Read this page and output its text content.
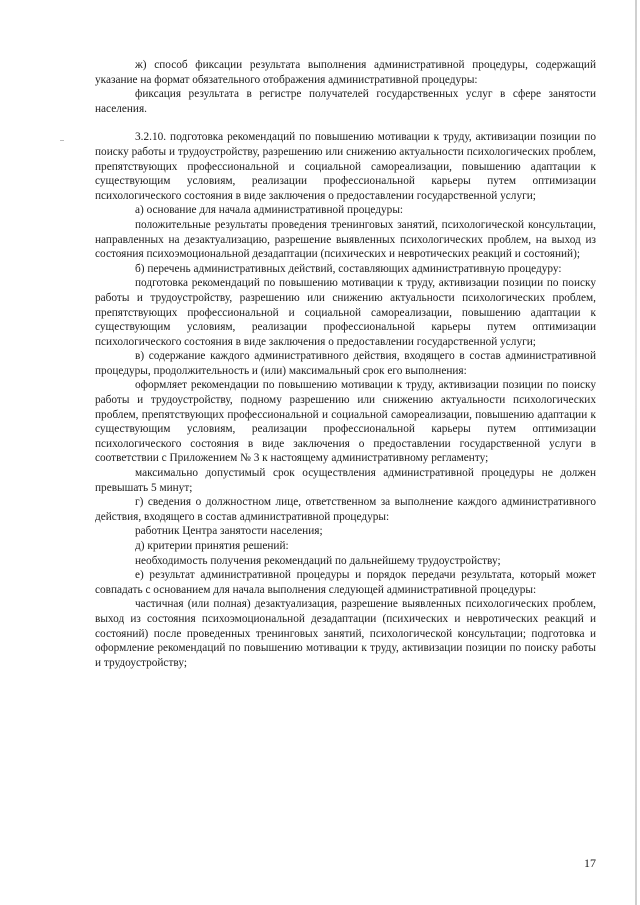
ж) способ фиксации результата выполнения административной процедуры, содержащий указание на формат обязательного отображения административной процедуры:

фиксация результата в регистре получателей государственных услуг в сфере занятости населения.

3.2.10. подготовка рекомендаций по повышению мотивации к труду, активизации позиции по поиску работы и трудоустройству, разрешению или снижению актуальности психологических проблем, препятствующих профессиональной и социальной самореализации, повышению адаптации к существующим условиям, реализации профессиональной карьеры путем оптимизации психологического состояния в виде заключения о предоставлении государственной услуги;

а) основание для начала административной процедуры:

положительные результаты проведения тренинговых занятий, психологической консультации, направленных на дезактуализацию, разрешение выявленных психологических проблем, на выход из состояния психоэмоциональной дезадаптации (психических и невротических реакций и состояний);

б) перечень административных действий, составляющих административную процедуру:

подготовка рекомендаций по повышению мотивации к труду, активизации позиции по поиску работы и трудоустройству, разрешению или снижению актуальности психологических проблем, препятствующих профессиональной и социальной самореализации, повышению адаптации к существующим условиям, реализации профессиональной карьеры путем оптимизации психологического состояния в виде заключения о предоставлении государственной услуги;

в) содержание каждого административного действия, входящего в состав административной процедуры, продолжительность и (или) максимальный срок его выполнения:

оформляет рекомендации по повышению мотивации к труду, активизации позиции по поиску работы и трудоустройству, подному разрешению или снижению актуальности психологических проблем, препятствующих профессиональной и социальной самореализации, повышению адаптации к существующим условиям, реализации профессиональной карьеры путем оптимизации психологического состояния в виде заключения о предоставлении государственной услуги в соответствии с Приложением № 3 к настоящему административному регламенту;

максимально допустимый срок осуществления административной процедуры не должен превышать 5 минут;

г) сведения о должностном лице, ответственном за выполнение каждого административного действия, входящего в состав административной процедуры:

работник Центра занятости населения;

д) критерии принятия решений:

необходимость получения рекомендаций по дальнейшему трудоустройству;

е) результат административной процедуры и порядок передачи результата, который может совпадать с основанием для начала выполнения следующей административной процедуры:

частичная (или полная) дезактуализация, разрешение выявленных психологических проблем, выход из состояния психоэмоциональной дезадаптации (психических и невротических реакций и состояний) после проведенных тренинговых занятий, психологической консультации; подготовка и оформление рекомендаций по повышению мотивации к труду, активизации позиции по поиску работы и трудоустройству;

17
